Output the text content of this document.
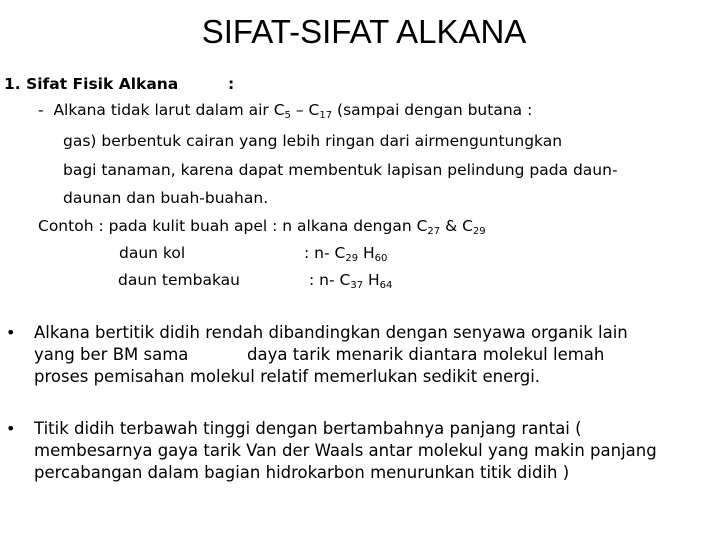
SIFAT-SIFAT ALKANA
1. Sifat Fisik Alkana	:
- Alkana tidak larut dalam air $C_5 - C_{17}$ (sampai dengan butana :
gas) berbentuk cairan yang lebih ringan dari airmenguntungkan
bagi tanaman, karena dapat membentuk lapisan pelindung pada daun-
daunan dan buah-buahan.
Contoh : pada kulit buah apel : n alkana dengan $C_{27}$ & $C_{29}$
daun kol	: n- $C_{29}$ $H_{60}$
daun tembakau	: n- $C_{37}$ $H_{64}$
• Alkana bertitik didih rendah dibandingkan dengan senyawa organik lain
yang ber BM sama	daya tarik menarik diantara molekul lemah
proses pemisahan molekul relatif memerlukan sedikit energi.
• Titik didih terbawah tinggi dengan bertambahnya panjang rantai (
membesarnya gaya tarik Van der Waals antar molekul yang makin panjang
percabangan dalam bagian hidrokarbon menurunkan titik didih )
